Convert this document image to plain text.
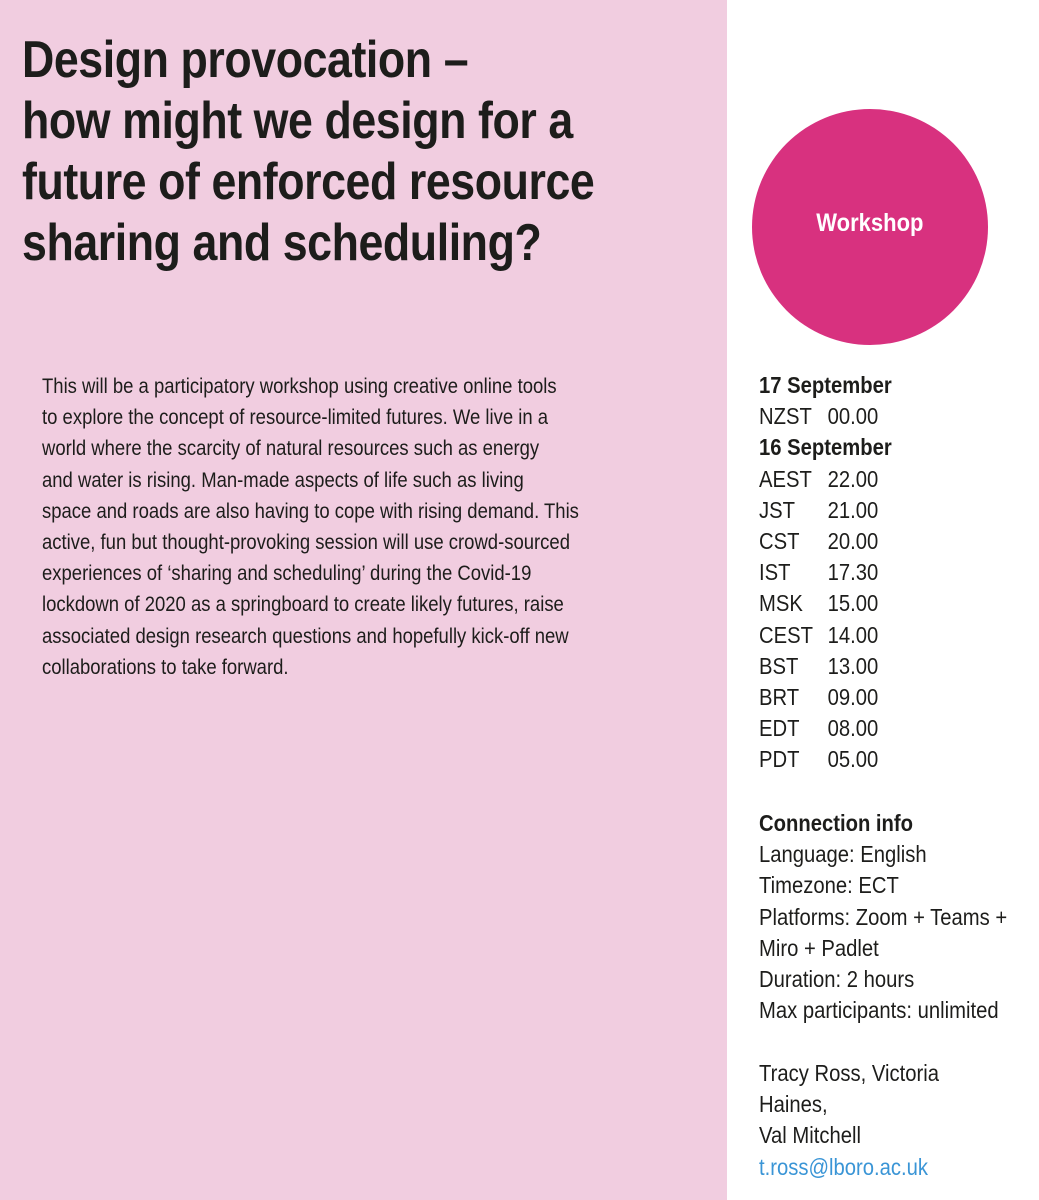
Design provocation –
how might we design for a
future of enforced resource
sharing and scheduling?

This will be a participatory workshop using creative online tools
to explore the concept of resource-limited futures. We live in a
world where the scarcity of natural resources such as energy
and water is rising. Man-made aspects of life such as living
space and roads are also having to cope with rising demand. This
active, fun but thought-provoking session will use crowd-sourced
experiences of ‘sharing and scheduling’ during the Covid-19
lockdown of 2020 as a springboard to create likely futures, raise
associated design research questions and hopefully kick-off new
collaborations to take forward.

Workshop
17 September
NZST 00.00
16 September
AEST 22.00
JST 21.00
CST 20.00
IST 17.30
MSK 15.00
CEST 14.00
BST 13.00
BRT 09.00
EDT 08.00
PDT 05.00
Connection info
Language: English
Timezone: ECT
Platforms: Zoom + Teams +
Miro + Padlet
Duration: 2 hours
Max participants: unlimited
Tracy Ross, Victoria
Haines,
Val Mitchell
t.ross@lboro.ac.uk
